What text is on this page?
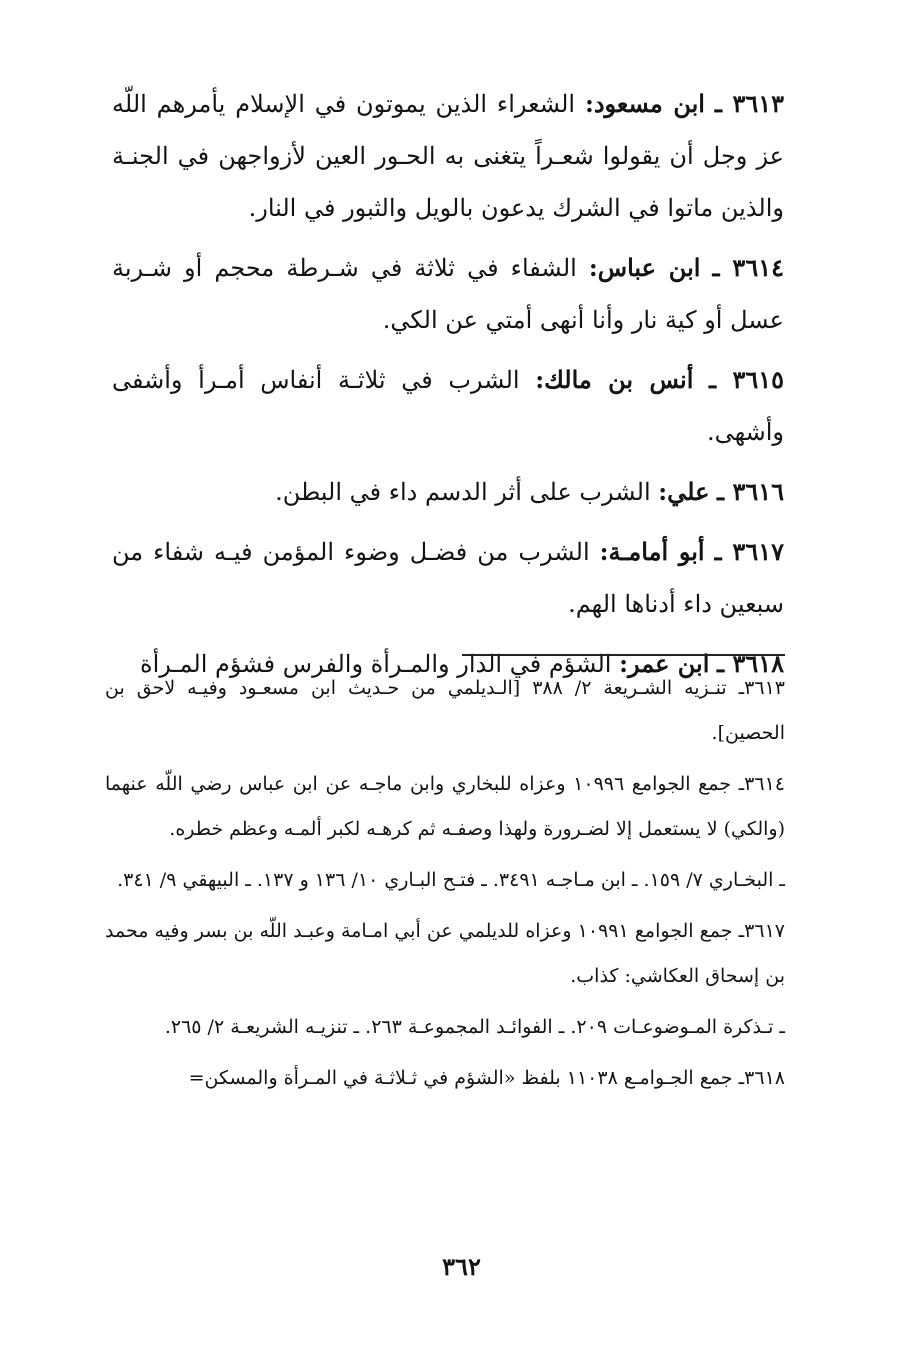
٣٦١٣ ـ ابن مسعود: الشعراء الذين يموتون في الإسلام يأمرهم اللّه عز وجل أن يقولوا شعـراً يتغنى به الحـور العين لأزواجهن في الجنـة والذين ماتوا في الشرك يدعون بالويل والثبور في النار.

٣٦١٤ ـ ابن عباس: الشفاء في ثلاثة في شـرطة محجم أو شـربة عسل أو كية نار وأنا أنهى أمتي عن الكي.

٣٦١٥ ـ أنس بن مالك: الشرب في ثلاثـة أنفاس أمـرأ وأشفى وأشهى.

٣٦١٦ ـ علي: الشرب على أثر الدسم داء في البطن.

٣٦١٧ ـ أبو أمامـة: الشرب من فضـل وضوء المؤمن فيـه شفاء من سبعين داء أدناها الهم.

٣٦١٨ ـ ابن عمر: الشؤم في الدار والمـرأة والفرس فشؤم المـرأة

٣٦١٣ـ تنـزيه الشـريعة ٢/ ٣٨٨ [الـديلمي من حـديث ابن مسعـود وفيـه لاحق بن الحصين].

٣٦١٤ـ جمع الجوامع ١٠٩٩٦ وعزاه للبخاري وابن ماجـه عن ابن عباس رضي اللّه عنهما (والكي) لا يستعمل إلا لضـرورة ولهذا وصفـه ثم كرهـه لكبر ألمـه وعظم خطره.

ـ البخـاري ٧/ ١٥٩. ـ ابن مـاجـه ٣٤٩١. ـ فتـح البـاري ١٠/ ١٣٦ و ١٣٧. ـ البيهقي ٩/ ٣٤١.

٣٦١٧ـ جمع الجوامع ١٠٩٩١ وعزاه للديلمي عن أبي امـامة وعبـد اللّه بن بسر وفيه محمد بن إسحاق العكاشي: كذاب.

ـ تـذكرة المـوضوعـات ٢٠٩. ـ الفوائـد المجموعـة ٢٦٣. ـ تنزيـه الشريعـة ٢/ ٢٦٥.

٣٦١٨ـ جمع الجـوامـع ١١٠٣٨ بلفظ «الشؤم في ثـلاثـة في المـرأة والمسكن=

٣٦٢
